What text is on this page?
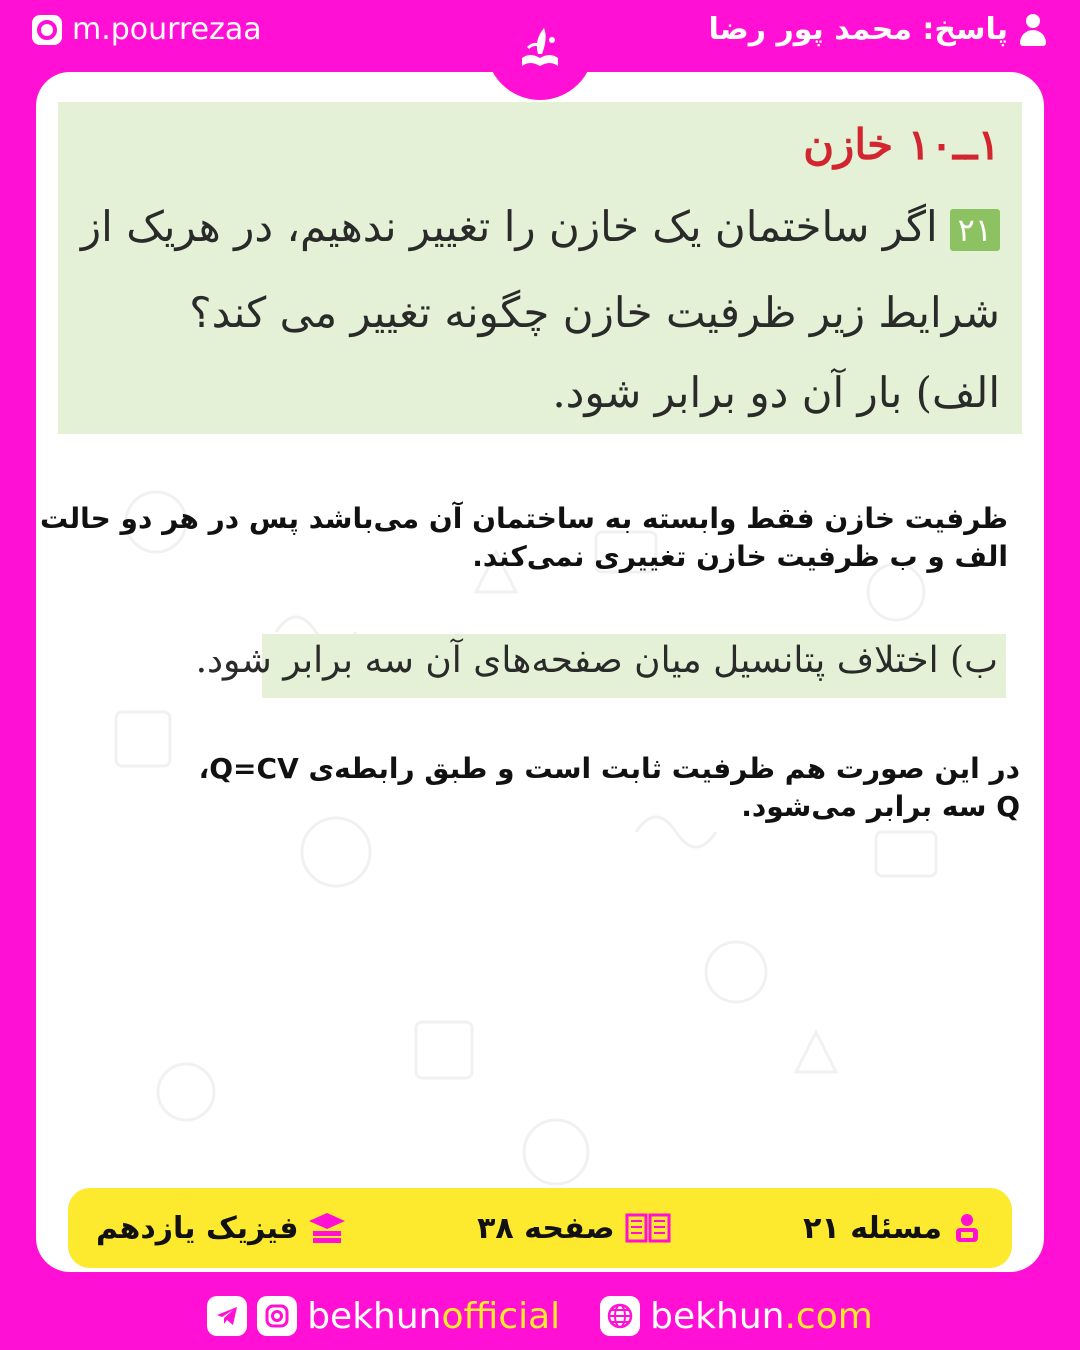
m.pourrezaa	پاسخ: محمد پور رضا
۱ــ۱۰ خازن
۲۱اگر ساختمان یک خازن را تغییر ندهیم، در هریک از
شرایط زیر ظرفیت خازن چگونه تغییر می کند؟
الف) بار آن دو برابر شود.
ظرفیت خازن فقط وابسته به ساختمان آن می‌باشد پس در هر دو حالت
الف و ب ظرفیت خازن تغییری نمی‌کند.
ب) اختلاف پتانسیل میان صفحه‌های آن سه برابر شود.
در این صورت هم ظرفیت ثابت است و طبق رابطه‌ی Q=CV،
Q سه برابر می‌شود.
مسئله ۲۱
صفحه ۳۸
فیزیک یازدهم
bekhun official	bekhun .com
